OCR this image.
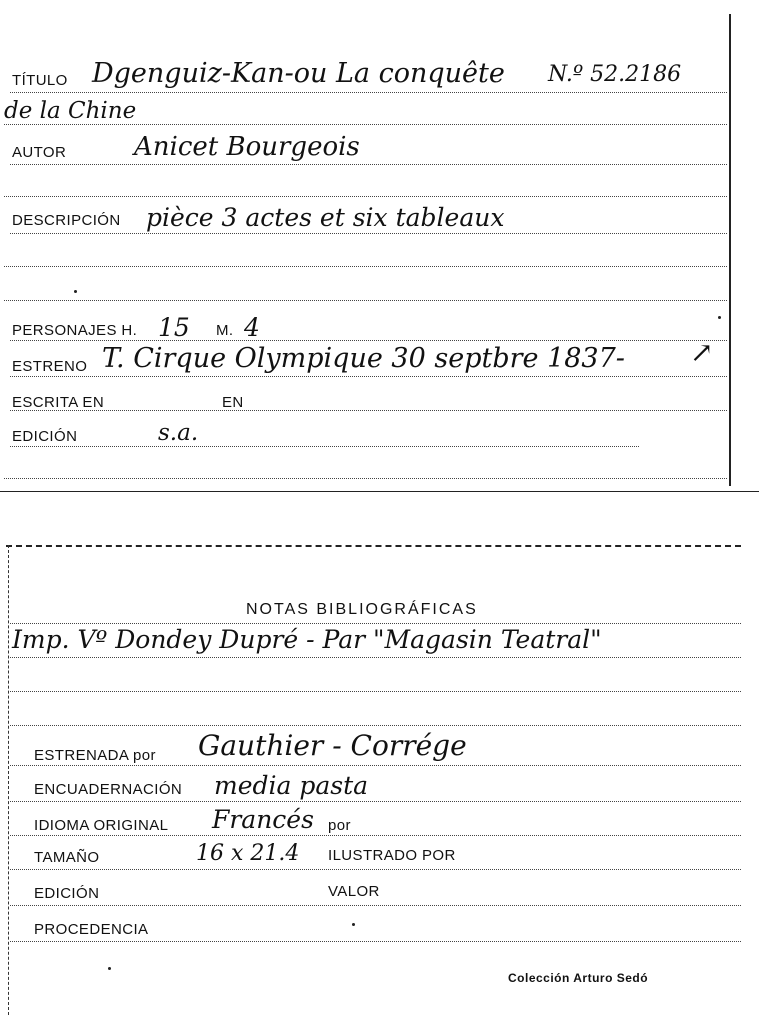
TÍTULO Dgenguiz-Kan-ou La conquête N.º 52.2186
de la Chine
AUTOR	Anicet Bourgeois
DESCRIPCIÓN pièce 3 actes et six tableaux
PERSONAJES H. 15 M. 4
ESTRENO T. Cirque Olympique 30 septbre 1837- ↗
ESCRITA EN	EN
EDICIÓN	s.a.
NOTAS BIBLIOGRÁFICAS
Imp. Vº Dondey Dupré - Par "Magasin Teatral"
ESTRENADA por Gauthier - Corrége
ENCUADERNACIÓN media pasta
IDIOMA ORIGINAL Francés por
TAMAÑO	16 x 21.4 ILUSTRADO POR
EDICIÓN	VALOR
PROCEDENCIA
Colección Arturo Sedó
